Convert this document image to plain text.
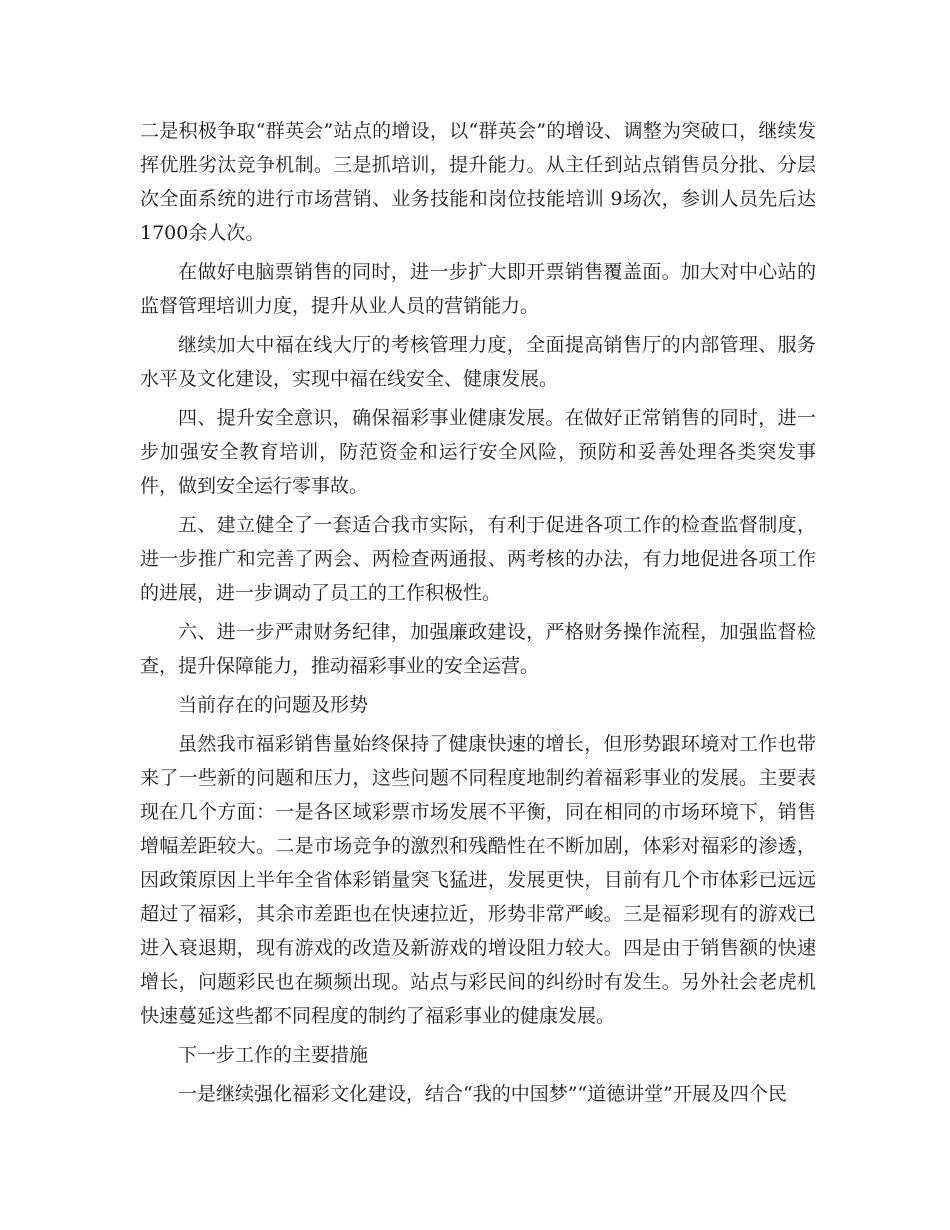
二是积极争取“群英会”站点的增设，以“群英会”的增设、调整为突破口，继续发挥优胜劣汰竞争机制。三是抓培训，提升能力。从主任到站点销售员分批、分层次全面系统的进行市场营销、业务技能和岗位技能培训 9场次，参训人员先后达1700余人次。

在做好电脑票销售的同时，进一步扩大即开票销售覆盖面。加大对中心站的监督管理培训力度，提升从业人员的营销能力。

继续加大中福在线大厅的考核管理力度，全面提高销售厅的内部管理、服务水平及文化建设，实现中福在线安全、健康发展。

四、提升安全意识，确保福彩事业健康发展。在做好正常销售的同时，进一步加强安全教育培训，防范资金和运行安全风险，预防和妥善处理各类突发事件，做到安全运行零事故。

五、建立健全了一套适合我市实际，有利于促进各项工作的检查监督制度，进一步推广和完善了两会、两检查两通报、两考核的办法，有力地促进各项工作的进展，进一步调动了员工的工作积极性。

六、进一步严肃财务纪律，加强廉政建设，严格财务操作流程，加强监督检查，提升保障能力，推动福彩事业的安全运营。

当前存在的问题及形势

虽然我市福彩销售量始终保持了健康快速的增长，但形势跟环境对工作也带来了一些新的问题和压力，这些问题不同程度地制约着福彩事业的发展。主要表现在几个方面：一是各区域彩票市场发展不平衡，同在相同的市场环境下，销售增幅差距较大。二是市场竞争的激烈和残酷性在不断加剧，体彩对福彩的渗透，因政策原因上半年全省体彩销量突飞猛进，发展更快，目前有几个市体彩已远远超过了福彩，其余市差距也在快速拉近，形势非常严峻。三是福彩现有的游戏已进入衰退期，现有游戏的改造及新游戏的增设阻力较大。四是由于销售额的快速增长，问题彩民也在频频出现。站点与彩民间的纠纷时有发生。另外社会老虎机快速蔓延这些都不同程度的制约了福彩事业的健康发展。

下一步工作的主要措施

一是继续强化福彩文化建设，结合“我的中国梦”“道德讲堂”开展及四个民
